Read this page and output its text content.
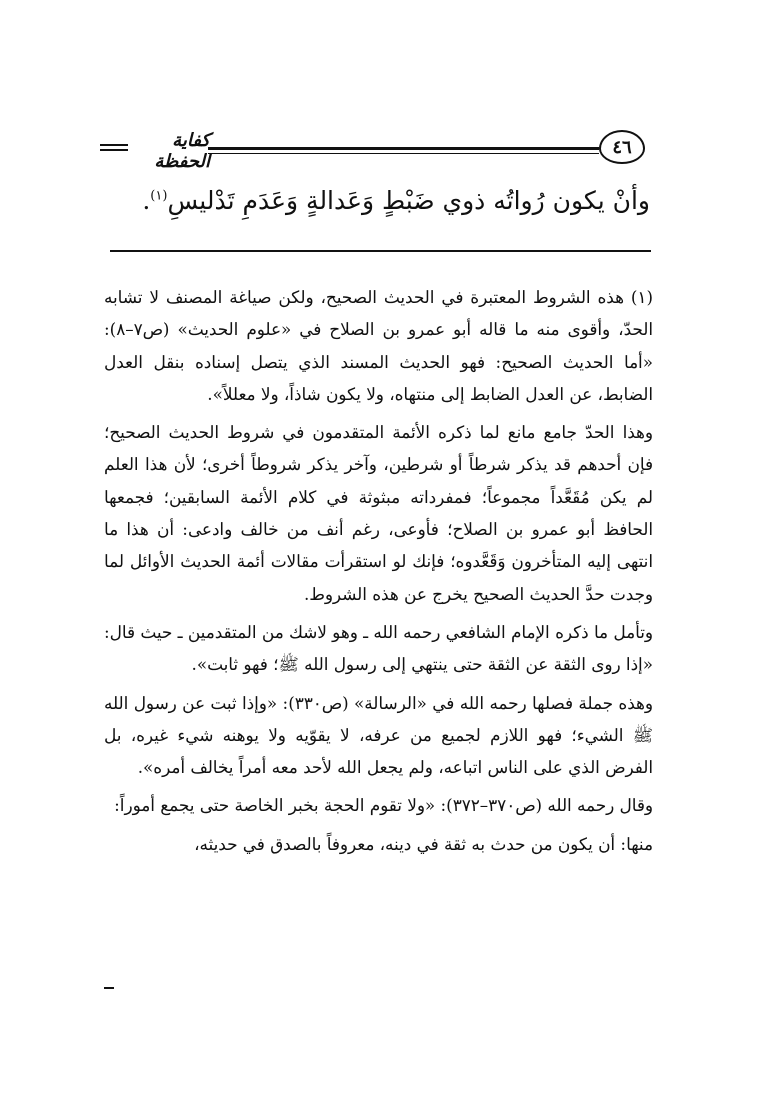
٤٦
كفاية الحفظة
وأنْ يكون رُواتُه ذوي ضَبْطٍ وَعَدالةٍ وَعَدَمِ تَدْليسِ$^{(١)}$.

(١) هذه الشروط المعتبرة في الحديث الصحيح، ولكن صياغة المصنف لا تشابه الحدّ، وأقوى منه ما قاله أبو عمرو بن الصلاح في «علوم الحديث» (ص٧–٨): «أما الحديث الصحيح: فهو الحديث المسند الذي يتصل إسناده بنقل العدل الضابط، عن العدل الضابط إلى منتهاه، ولا يكون شاذاً، ولا معللاً».

وهذا الحدّ جامع مانع لما ذكره الأئمة المتقدمون في شروط الحديث الصحيح؛ فإن أحدهم قد يذكر شرطاً أو شرطين، وآخر يذكر شروطاً أخرى؛ لأن هذا العلم لم يكن مُقَعَّداً مجموعاً؛ فمفرداته مبثوثة في كلام الأئمة السابقين؛ فجمعها الحافظ أبو عمرو بن الصلاح؛ فأوعى، رغم أنف من خالف وادعى: أن هذا ما انتهى إليه المتأخرون وَقَعَّدوه؛ فإنك لو استقرأت مقالات أئمة الحديث الأوائل لما وجدت حدَّ الحديث الصحيح يخرج عن هذه الشروط.

وتأمل ما ذكره الإمام الشافعي رحمه الله ـ وهو لاشك من المتقدمين ـ حيث قال: «إذا روى الثقة عن الثقة حتى ينتهي إلى رسول الله ﷺ؛ فهو ثابت».

وهذه جملة فصلها رحمه الله في «الرسالة» (ص٣٣٠): «وإذا ثبت عن رسول الله ﷺ الشيء؛ فهو اللازم لجميع من عرفه، لا يقوّيه ولا يوهنه شيء غيره، بل الفرض الذي على الناس اتباعه، ولم يجعل الله لأحد معه أمراً يخالف أمره».

وقال رحمه الله (ص٣٧٠–٣٧٢): «ولا تقوم الحجة بخبر الخاصة حتى يجمع أموراً:

منها: أن يكون من حدث به ثقة في دينه، معروفاً بالصدق في حديثه،
